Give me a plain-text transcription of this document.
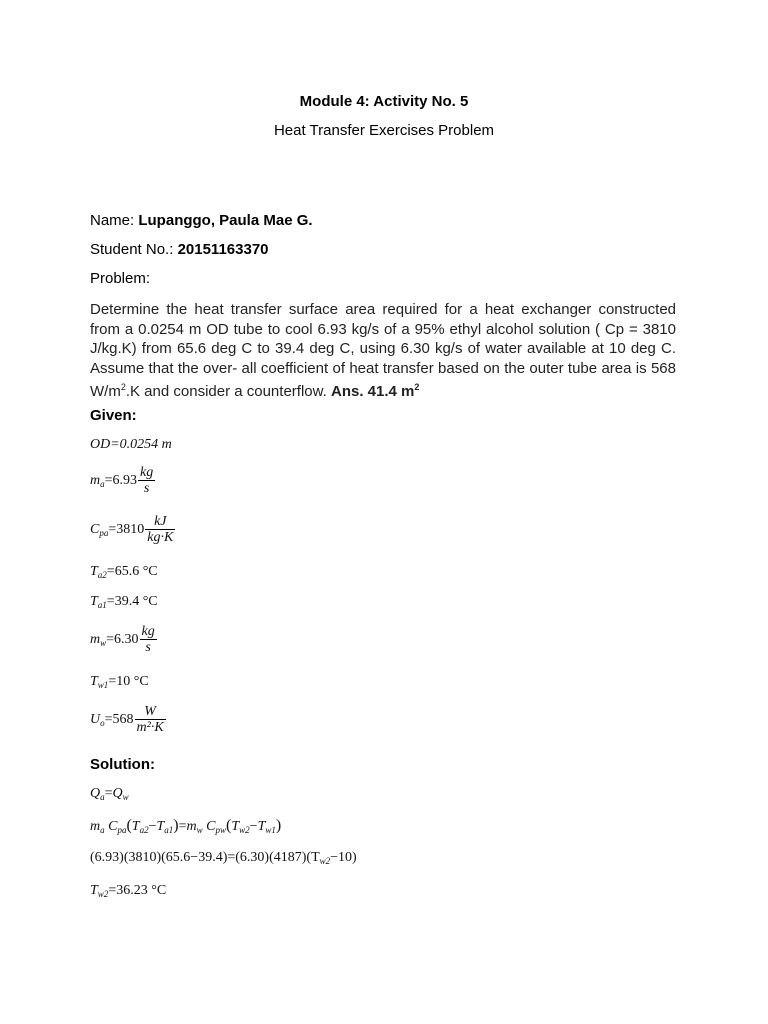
Module 4: Activity No. 5
Heat Transfer Exercises Problem
Name: Lupanggo, Paula Mae G.
Student No.: 20151163370
Problem:
Determine the heat transfer surface area required for a heat exchanger constructed from a 0.0254 m OD tube to cool 6.93 kg/s of a 95% ethyl alcohol solution ( Cp = 3810 J/kg.K) from 65.6 deg C to 39.4 deg C, using 6.30 kg/s of water available at 10 deg C. Assume that the over- all coefficient of heat transfer based on the outer tube area is 568 $W/m^2.K$ and consider a counterflow. Ans. 41.4 $m^2$
Given:
OD=0.0254 m
$m_a=6.93 \frac{kg}{s}$
$C_{pa}=3810 \frac{kJ}{kg\cdot K}$
$T_{a2}=65.6$ °C
$T_{a1}=39.4$ °C
$m_w=6.30 \frac{kg}{s}$
$T_{w1}=10$ °C
$U_o=568 \frac{W}{\text{m²·K}}$
Solution:
$Q_a=Q_w$
$m_a$ $C_{pa}(T_{a2}-T_{a1})=m_w$ $C_{pw}(T_{w2}-T_{w1})$
$(6.93)(3810)(65.6-39.4)=(6.30)(4187)(T_{w2}-10)$
$T_{w2}=36.23$ °C
